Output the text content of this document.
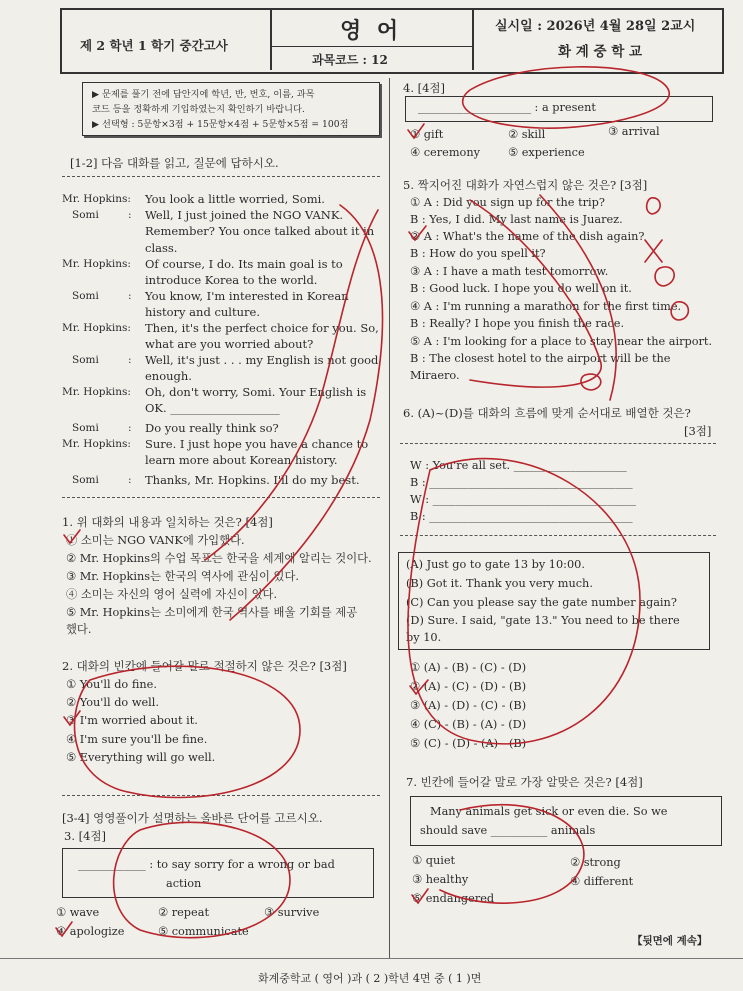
제 2 학년 1 학기 중간고사
영 어
과목코드 : 12
실시일 : 2026년 4월 28일 2교시
화 계 중 학 교
▶ 문제를 풀기 전에 답안지에 학년, 반, 번호, 이름, 과목
코드 등을 정확하게 기입하였는지 확인하기 바랍니다.
▶ 선택형 : 5문항×3점 + 15문항×4점 + 5문항×5점 = 100점
[1-2] 다음 대화를 읽고, 질문에 답하시오.
Mr. Hopkins: You look a little worried, Somi.
Somi	: Well, I just joined the NGO VANK.
Remember? You once talked about it in
class.
Mr. Hopkins: Of course, I do. Its main goal is to
introduce Korea to the world.
Somi	: You know, I'm interested in Korean
history and culture.
Mr. Hopkins: Then, it's the perfect choice for you. So,
what are you worried about?
Somi	: Well, it's just . . . my English is not good
enough.
Mr. Hopkins: Oh, don't worry, Somi. Your English is
OK. ___________________
Somi	: Do you really think so?
Mr. Hopkins: Sure. I just hope you have a chance to
learn more about Korean history.
Somi	: Thanks, Mr. Hopkins. I'll do my best.
1. 위 대화의 내용과 일치하는 것은? [4점]
① 소미는 NGO VANK에 가입했다.
② Mr. Hopkins의 수업 목표는 한국을 세계에 알리는 것이다.
③ Mr. Hopkins는 한국의 역사에 관심이 있다.
④ 소미는 자신의 영어 실력에 자신이 있다.
⑤ Mr. Hopkins는 소미에게 한국 역사를 배울 기회를 제공
했다.
2. 대화의 빈칸에 들어갈 말로 적절하지 않은 것은? [3점]
① You'll do fine.
② You'll do well.
③ I'm worried about it.
④ I'm sure you'll be fine.
⑤ Everything will go well.
[3-4] 영영풀이가 설명하는 올바른 단어를 고르시오.
3. [4점]
____________ : to say sorry for a wrong or bad
action
① wave	② repeat	③ survive
④ apologize	⑤ communicate
4. [4점]
____________________ : a present
① gift	② skill	③ arrival
④ ceremony ⑤ experience
5. 짝지어진 대화가 자연스럽지 않은 것은? [3점]
① A : Did you sign up for the trip?
B : Yes, I did. My last name is Juarez.
② A : What's the name of the dish again?
B : How do you spell it?
③ A : I have a math test tomorrow.
B : Good luck. I hope you do well on it.
④ A : I'm running a marathon for the first time.
B : Really? I hope you finish the race.
⑤ A : I'm looking for a place to stay near the airport.
B : The closest hotel to the airport will be the
Miraero.
6. (A)~(D)를 대화의 흐름에 맞게 순서대로 배열한 것은?
[3점]
W : You're all set. ____________________
B : ____________________________________
W : ____________________________________
B : ____________________________________
(A) Just go to gate 13 by 10:00.
(B) Got it. Thank you very much.
(C) Can you please say the gate number again?
(D) Sure. I said, "gate 13." You need to be there
by 10.
① (A) - (B) - (C) - (D)
② (A) - (C) - (D) - (B)
③ (A) - (D) - (C) - (B)
④ (C) - (B) - (A) - (D)
⑤ (C) - (D) - (A) - (B)
7. 빈칸에 들어갈 말로 가장 알맞은 것은? [4점]
Many animals get sick or even die. So we
should save __________ animals
① quiet	② strong
③ healthy	④ different
⑤ endangered
【뒷면에 계속】
화계중학교 ( 영어 )과 ( 2 )학년 4면 중 ( 1 )면
